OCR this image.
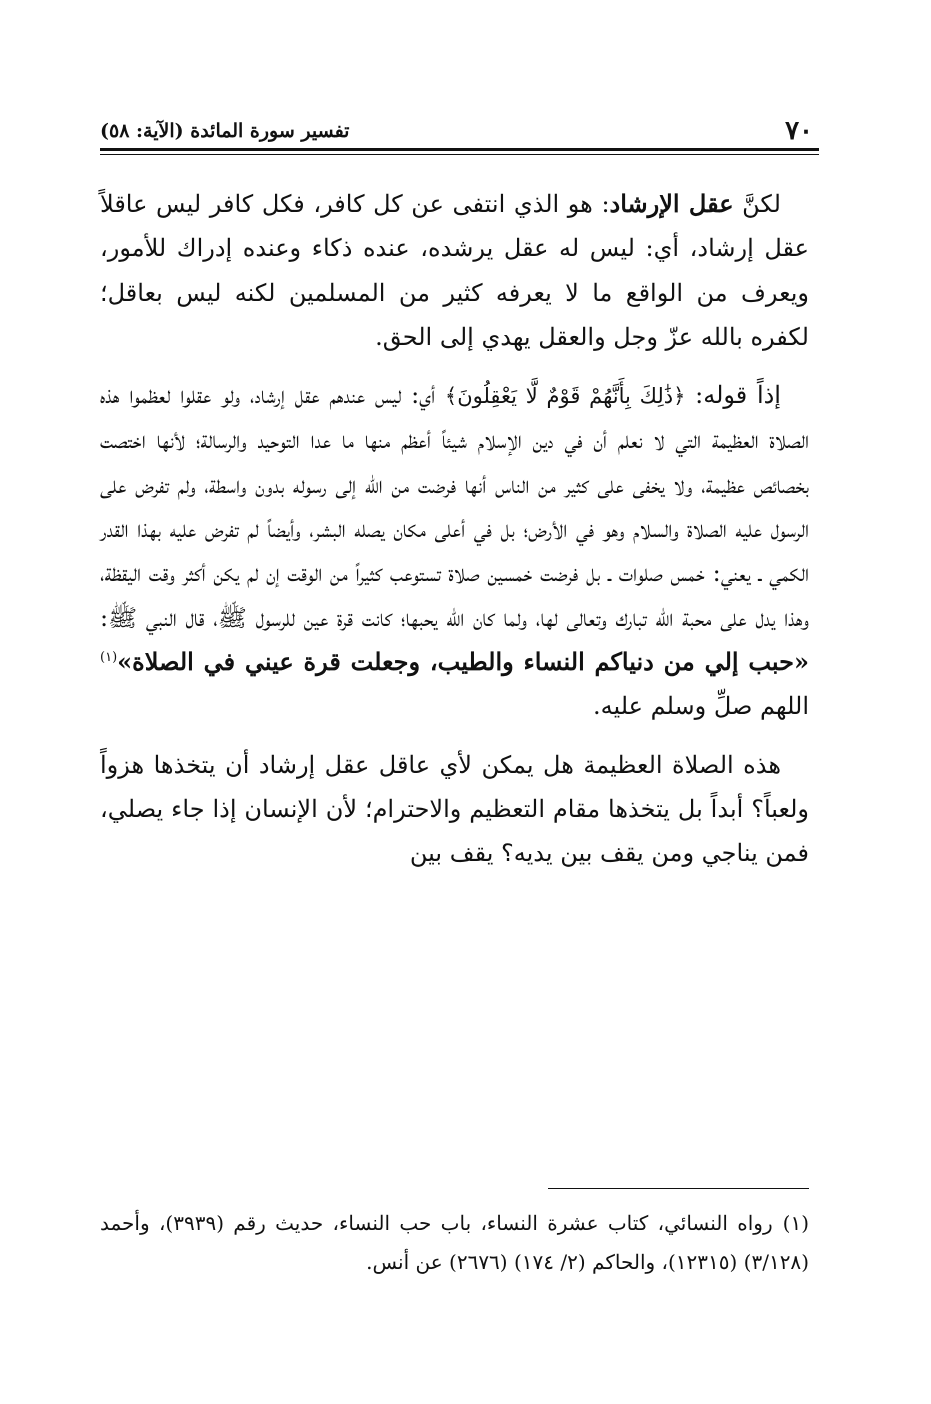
٧٠
تفسير سورة المائدة (الآية: ٥٨)

لكنَّ عقل الإرشاد: هو الذي انتفى عن كل كافر، فكل كافر ليس عاقلاً عقل إرشاد، أي: ليس له عقل يرشده، عنده ذكاء وعنده إدراك للأمور، ويعرف من الواقع ما لا يعرفه كثير من المسلمين لكنه ليس بعاقل؛ لكفره بالله عزّ وجل والعقل يهدي إلى الحق.

إذاً قوله: ﴿ذَٰلِكَ بِأَنَّهُمْ قَوْمٌ لَّا يَعْقِلُونَ﴾ أي: ليس عندهم عقل إرشاد، ولو عقلوا لعظموا هذه الصلاة العظيمة التي لا نعلم أن في دين الإسلام شيئاً أعظم منها ما عدا التوحيد والرسالة؛ لأنها اختصت بخصائص عظيمة، ولا يخفى على كثير من الناس أنها فرضت من الله إلى رسوله بدون واسطة، ولم تفرض على الرسول عليه الصلاة والسلام وهو في الأرض؛ بل في أعلى مكان يصله البشر، وأيضاً لم تفرض عليه بهذا القدر الكمي ـ يعني: خمس صلوات ـ بل فرضت خمسين صلاة تستوعب كثيراً من الوقت إن لم يكن أكثر وقت اليقظة، وهذا يدل على محبة الله تبارك وتعالى لها، ولما كان الله يحبها؛ كانت قرة عين للرسول ﷺ، قال النبي ﷺ: «حبب إلي من دنياكم النساء والطيب، وجعلت قرة عيني في الصلاة»$^{(١)}$ اللهم صلِّ وسلم عليه.

هذه الصلاة العظيمة هل يمكن لأي عاقل عقل إرشاد أن يتخذها هزواً ولعباً؟ أبداً بل يتخذها مقام التعظيم والاحترام؛ لأن الإنسان إذا جاء يصلي، فمن يناجي ومن يقف بين يديه؟ يقف بين

(١)رواه النسائي، كتاب عشرة النساء، باب حب النساء، حديث رقم (٣٩٣٩)، وأحمد (٣/١٢٨) (١٢٣١٥)، والحاكم (٢/ ١٧٤) (٢٦٧٦) عن أنس.
